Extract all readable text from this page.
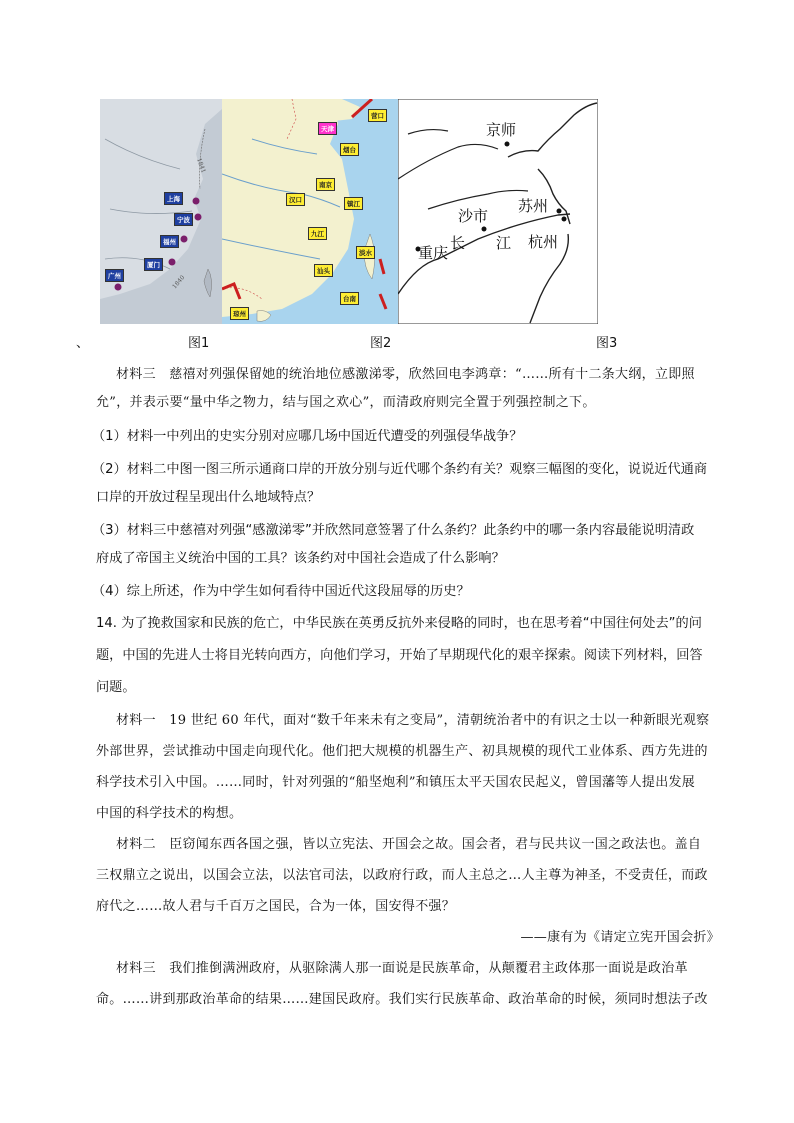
1841
1840
上海
宁波
福州
厦门
广州
营口
天津
烟台
南京
汉口	镇江
九江
淡水
汕头
台南
琼州
京师
苏州
沙市
长 江 杭州
重庆
、	图1	图2	图3
材料三　慈禧对列强保留她的统治地位感激涕零，欣然回电李鸿章：“……所有十二条大纲，立即照
允”，并表示要“量中华之物力，结与国之欢心”，而清政府则完全置于列强控制之下。
（1）材料一中列出的史实分别对应哪几场中国近代遭受的列强侵华战争？
（2）材料二中图一图三所示通商口岸的开放分别与近代哪个条约有关？观察三幅图的变化，说说近代通商
口岸的开放过程呈现出什么地域特点？
（3）材料三中慈禧对列强“感激涕零”并欣然同意签署了什么条约？此条约中的哪一条内容最能说明清政
府成了帝国主义统治中国的工具？该条约对中国社会造成了什么影响？
（4）综上所述，作为中学生如何看待中国近代这段屈辱的历史？
14. 为了挽救国家和民族的危亡，中华民族在英勇反抗外来侵略的同时，也在思考着“中国往何处去”的问
题，中国的先进人士将目光转向西方，向他们学习，开始了早期现代化的艰辛探索。阅读下列材料，回答
问题。
材料一　19 世纪 60 年代，面对“数千年来未有之变局”，清朝统治者中的有识之士以一种新眼光观察
外部世界，尝试推动中国走向现代化。他们把大规模的机器生产、初具规模的现代工业体系、西方先进的
科学技术引入中国。……同时，针对列强的“船坚炮利”和镇压太平天国农民起义，曾国藩等人提出发展
中国的科学技术的构想。
材料二　臣窃闻东西各国之强，皆以立宪法、开国会之故。国会者，君与民共议一国之政法也。盖自
三权鼎立之说出，以国会立法，以法官司法，以政府行政，而人主总之…人主尊为神圣，不受责任，而政
府代之……故人君与千百万之国民，合为一体，国安得不强？
——康有为《请定立宪开国会折》
材料三　我们推倒满洲政府，从驱除满人那一面说是民族革命，从颠覆君主政体那一面说是政治革
命。……讲到那政治革命的结果……建国民政府。我们实行民族革命、政治革命的时候，须同时想法子改
